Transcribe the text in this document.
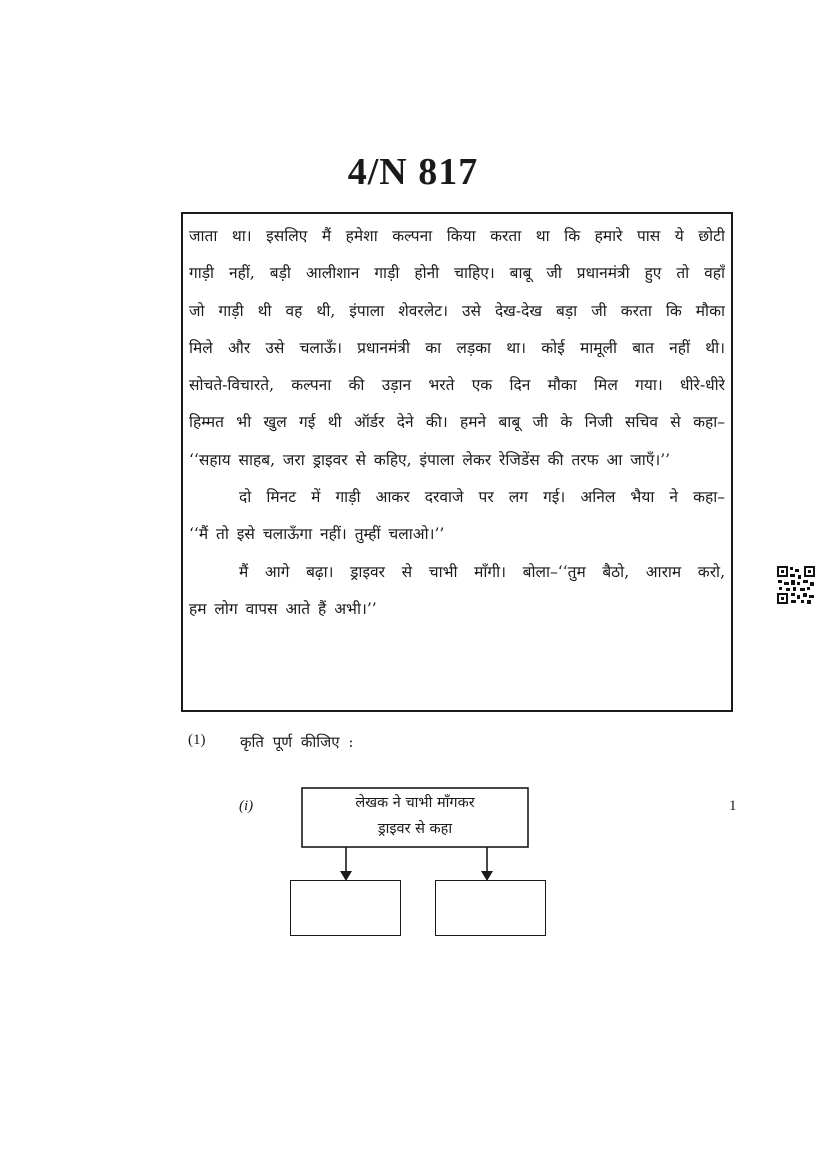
4/N 817
जाता था। इसलिए मैं हमेशा कल्पना किया करता था कि हमारे पास ये छोटी
गाड़ी नहीं, बड़ी आलीशान गाड़ी होनी चाहिए। बाबू जी प्रधानमंत्री हुए तो वहाँ
जो गाड़ी थी वह थी, इंपाला शेवरलेट। उसे देख-देख बड़ा जी करता कि मौका
मिले और उसे चलाऊँ। प्रधानमंत्री का लड़का था। कोई मामूली बात नहीं थी।
सोचते-विचारते, कल्पना की उड़ान भरते एक दिन मौका मिल गया। धीरे-धीरे
हिम्मत भी खुल गई थी ऑर्डर देने की। हमने बाबू जी के निजी सचिव से कहा–
‘‘सहाय साहब, जरा ड्राइवर से कहिए, इंपाला लेकर रेजिडेंस की तरफ आ जाएँ।’’
दो मिनट में गाड़ी आकर दरवाजे पर लग गई। अनिल भैया ने कहा–
‘‘मैं तो इसे चलाऊँगा नहीं। तुम्हीं चलाओ।’’
मैं आगे बढ़ा। ड्राइवर से चाभी माँगी। बोला–‘‘तुम बैठो, आराम करो,
हम लोग वापस आते हैं अभी।’’
(1) कृति पूर्ण कीजिए :
(i)	1
लेखक ने चाभी माँगकर
ड्राइवर से कहा
